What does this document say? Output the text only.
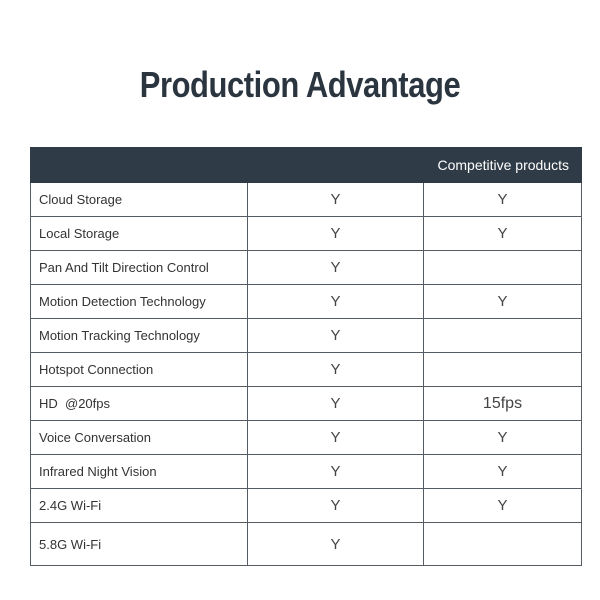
Production Advantage
		Competitive products
Cloud Storage	Y	Y
Local Storage	Y	Y
Pan And Tilt Direction Control	Y	
Motion Detection Technology	Y	Y
Motion Tracking Technology	Y	
Hotspot Connection	Y	
HD  @20fps	Y	15fps
Voice Conversation	Y	Y
Infrared Night Vision	Y	Y
2.4G Wi-Fi	Y	Y
5.8G Wi-Fi	Y	
